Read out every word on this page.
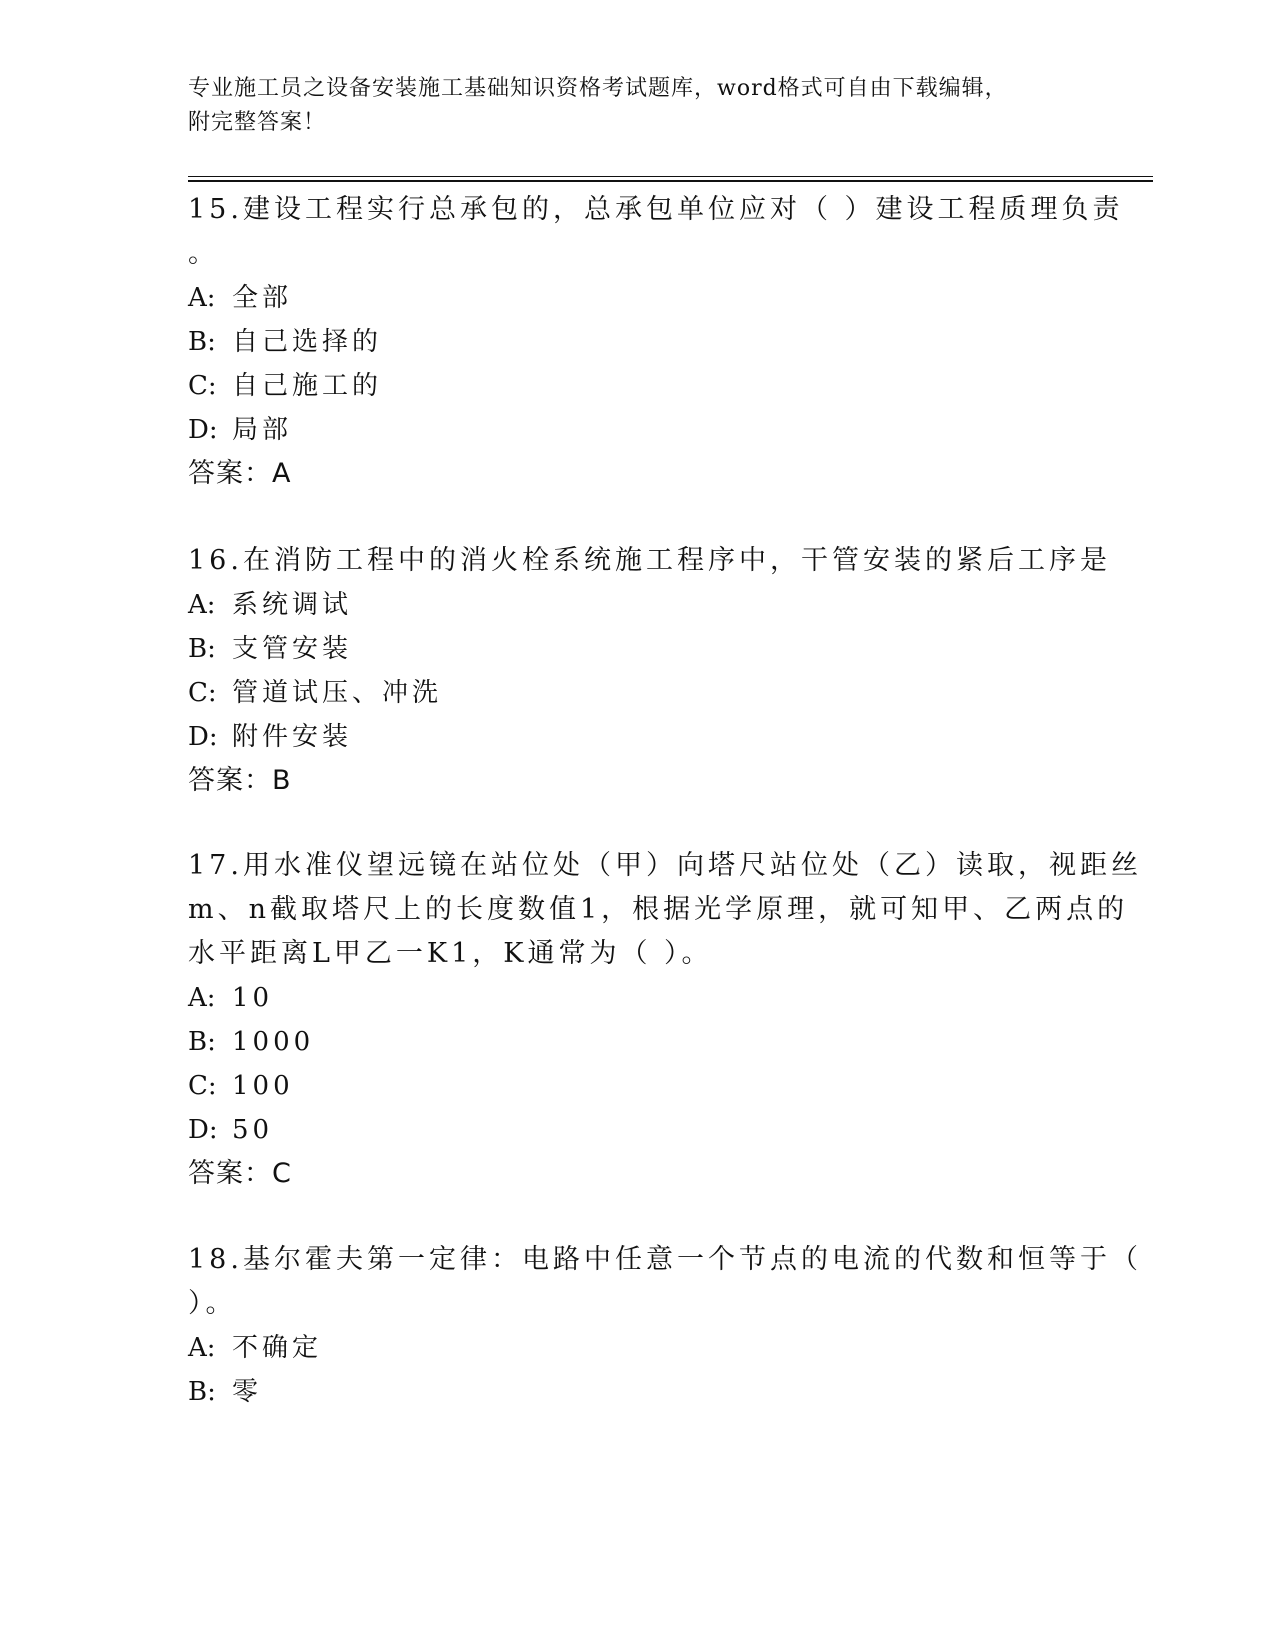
专业施工员之设备安装施工基础知识资格考试题库，word格式可自由下载编辑，
附完整答案！
15.建设工程实行总承包的，总承包单位应对（ ）建设工程质理负责
。
A: 全部
B: 自己选择的
C: 自己施工的
D: 局部
答案：A
16.在消防工程中的消火栓系统施工程序中，干管安装的紧后工序是
A: 系统调试
B: 支管安装
C: 管道试压、冲洗
D: 附件安装
答案：B
17.用水准仪望远镜在站位处（甲）向塔尺站位处（乙）读取，视距丝
m、n截取塔尺上的长度数值1，根据光学原理，就可知甲、乙两点的
水平距离L甲乙一K1，K通常为（ ）。
A: 10
B: 1000
C: 100
D: 50
答案：C
18.基尔霍夫第一定律：电路中任意一个节点的电流的代数和恒等于（
）。
A: 不确定
B: 零
